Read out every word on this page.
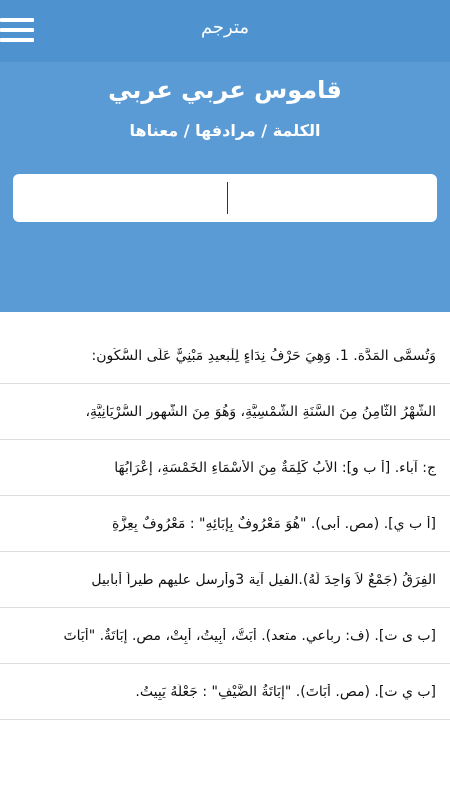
مترجم
قاموس عربي عربي
الكلمة / مرادفها / معناها
وَتُسمَّى المَدَّة. 1. وَهِيَ حَرْفُ نِدَاءٍ لِلْبعيدِ مَبْنِيٌّ عَلَى السُّكُون:
الشَّهْرُ الثَّامِنُ مِنَ السَّنَةِ الشَّمْسِيَّةِ، وَهُوَ مِنَ الشُّهورِ السُّرْيَانِيَّةِ،
ج: آباء. [أ ب و]: الأَبُ كَلِمَةٌ مِنَ الأَسْمَاءِ الخَمْسَةِ، إعْرَابُهَا
[أ ب ي]. (مص. أبى). "هُوَ مَعْرُوفٌ بِإِبَائِهِ" : مَعْرُوفٌ بِعِزَّةِ
الفِرَقُ (جَمْعٌ لاَ وَاحِدَ لَهُ).الفيل آية 3وأرسل عليهم طيراً أبابيل
[ب ى ت]. (ف: رباعي. متعد). أَبَتُّ، أَبِيتُ، أَبِتْ، مص. إِبَاتَةٌ. "أَبَاتَ
[ب ي ت]. (مص. أَبَاتَ). "إِبَاتَةُ الضَّيْفِ" : جَعْلُهُ يَبِيتُ.
